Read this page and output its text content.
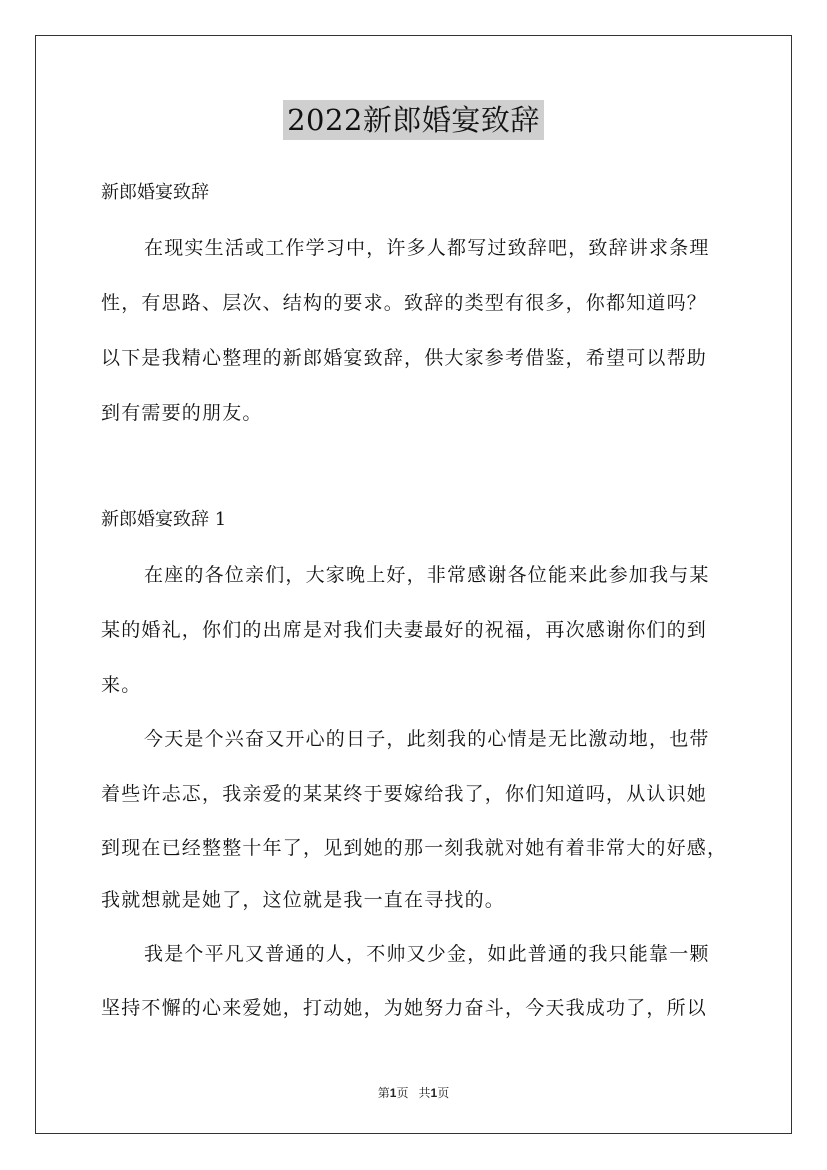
2022新郎婚宴致辞

新郎婚宴致辞

在现实生活或工作学习中，许多人都写过致辞吧，致辞讲求条理

性，有思路、层次、结构的要求。致辞的类型有很多，你都知道吗？

以下是我精心整理的新郎婚宴致辞，供大家参考借鉴，希望可以帮助

到有需要的朋友。

新郎婚宴致辞 1

在座的各位亲们，大家晚上好，非常感谢各位能来此参加我与某

某的婚礼，你们的出席是对我们夫妻最好的祝福，再次感谢你们的到

来。

今天是个兴奋又开心的日子，此刻我的心情是无比激动地，也带

着些许忐忑，我亲爱的某某终于要嫁给我了，你们知道吗，从认识她

到现在已经整整十年了，见到她的那一刻我就对她有着非常大的好感，

我就想就是她了，这位就是我一直在寻找的。

我是个平凡又普通的人，不帅又少金，如此普通的我只能靠一颗

坚持不懈的心来爱她，打动她，为她努力奋斗，今天我成功了，所以

第1页 共1页
